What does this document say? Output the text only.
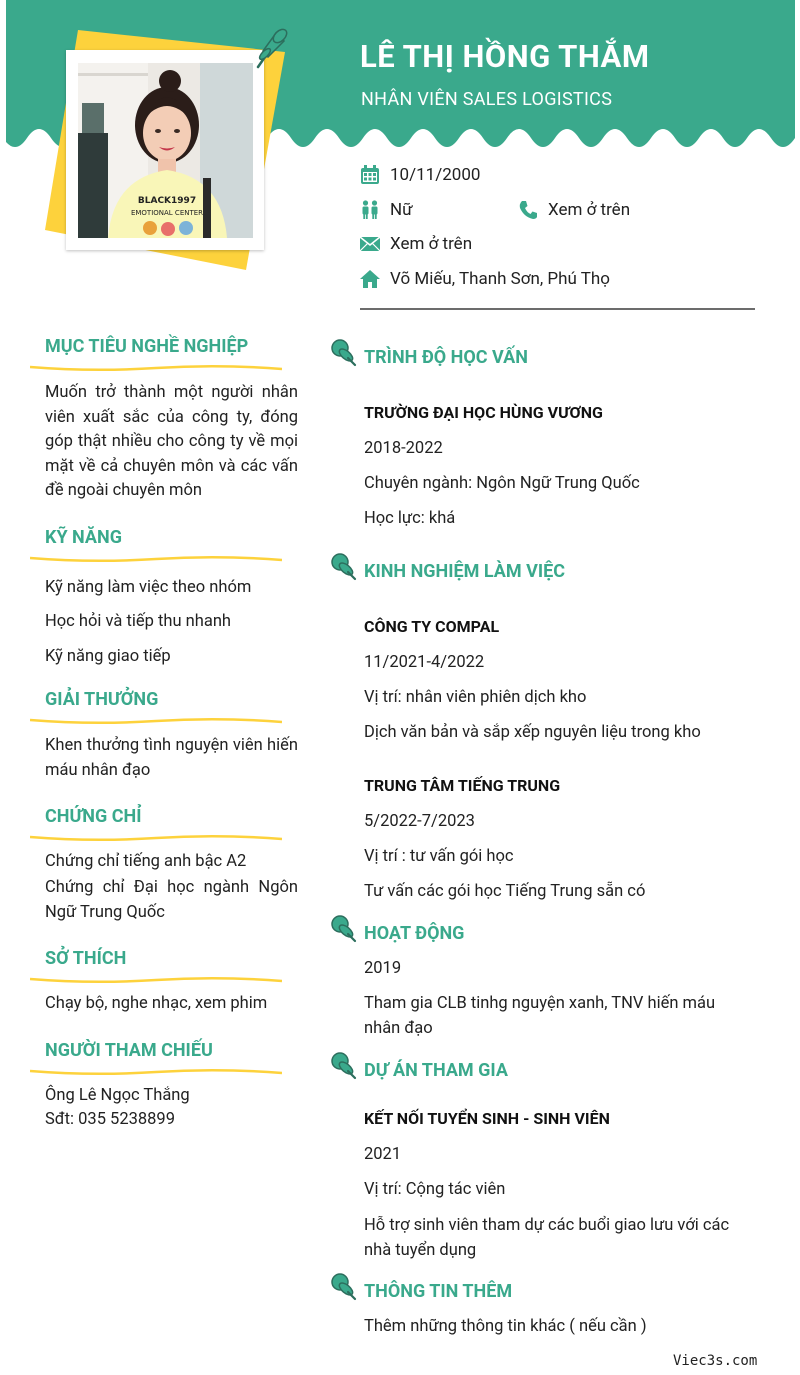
LÊ THỊ HỒNG THẮM
NHÂN VIÊN SALES LOGISTICS
BLACK1997
EMOTIONAL CENTER
10/11/2000
Nữ	Xem ở trên
Xem ở trên
Võ Miếu, Thanh Sơn, Phú Thọ
MỤC TIÊU NGHỀ NGHIỆP
Muốn trở thành một người nhân viên xuất sắc của công ty, đóng góp thật nhiều cho công ty về mọi mặt về cả chuyên môn và các vấn đề ngoài chuyên môn
KỸ NĂNG
Kỹ năng làm việc theo nhóm
Học hỏi và tiếp thu nhanh
Kỹ năng giao tiếp
GIẢI THƯỞNG
Khen thưởng tình nguyện viên hiến máu nhân đạo
CHỨNG CHỈ
Chứng chỉ tiếng anh bậc A2
Chứng chỉ Đại học ngành Ngôn Ngữ Trung Quốc
SỞ THÍCH
Chạy bộ, nghe nhạc, xem phim
NGƯỜI THAM CHIẾU
Ông Lê Ngọc Thắng
Sđt: 035 5238899
TRÌNH ĐỘ HỌC VẤN
TRƯỜNG ĐẠI HỌC HÙNG VƯƠNG
2018-2022
Chuyên ngành: Ngôn Ngữ Trung Quốc
Học lực: khá
KINH NGHIỆM LÀM VIỆC
CÔNG TY COMPAL
11/2021-4/2022
Vị trí: nhân viên phiên dịch kho
Dịch văn bản và sắp xếp nguyên liệu trong kho
TRUNG TÂM TIẾNG TRUNG
5/2022-7/2023
Vị trí : tư vấn gói học
Tư vấn các gói học Tiếng Trung sẵn có
HOẠT ĐỘNG
2019
Tham gia CLB tinhg nguyện xanh, TNV hiến máu nhân đạo
DỰ ÁN THAM GIA
KẾT NỐI TUYỂN SINH - SINH VIÊN
2021
Vị trí: Cộng tác viên
Hỗ trợ sinh viên tham dự các buổi giao lưu với các nhà tuyển dụng
THÔNG TIN THÊM
Thêm những thông tin khác ( nếu cần )
Viec3s.com
